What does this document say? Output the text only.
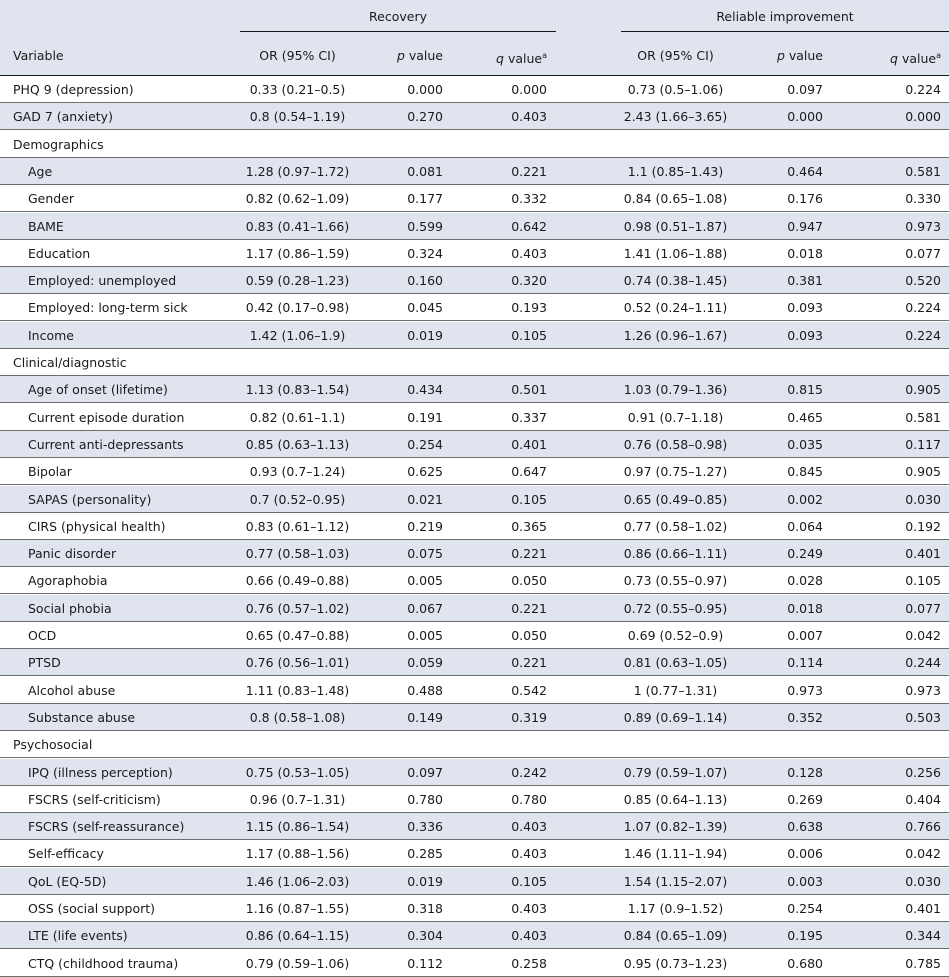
Recovery	Reliable improvement
Variable	OR (95% CI)	p value	q value$^a$	OR (95% CI)	p value	q value$^a$
PHQ 9 (depression)	0.33 (0.21–0.5)	0.000	0.000	0.73 (0.5–1.06)	0.097	0.224
GAD 7 (anxiety)	0.8 (0.54–1.19)	0.270	0.403	2.43 (1.66–3.65)	0.000	0.000
Demographics
Age	1.28 (0.97–1.72)	0.081	0.221	1.1 (0.85–1.43)	0.464	0.581
Gender	0.82 (0.62–1.09)	0.177	0.332	0.84 (0.65–1.08)	0.176	0.330
BAME	0.83 (0.41–1.66)	0.599	0.642	0.98 (0.51–1.87)	0.947	0.973
Education	1.17 (0.86–1.59)	0.324	0.403	1.41 (1.06–1.88)	0.018	0.077
Employed: unemployed	0.59 (0.28–1.23)	0.160	0.320	0.74 (0.38–1.45)	0.381	0.520
Employed: long-term sick	0.42 (0.17–0.98)	0.045	0.193	0.52 (0.24–1.11)	0.093	0.224
Income	1.42 (1.06–1.9)	0.019	0.105	1.26 (0.96–1.67)	0.093	0.224
Clinical/diagnostic
Age of onset (lifetime)	1.13 (0.83–1.54)	0.434	0.501	1.03 (0.79–1.36)	0.815	0.905
Current episode duration	0.82 (0.61–1.1)	0.191	0.337	0.91 (0.7–1.18)	0.465	0.581
Current anti-depressants	0.85 (0.63–1.13)	0.254	0.401	0.76 (0.58–0.98)	0.035	0.117
Bipolar	0.93 (0.7–1.24)	0.625	0.647	0.97 (0.75–1.27)	0.845	0.905
SAPAS (personality)	0.7 (0.52–0.95)	0.021	0.105	0.65 (0.49–0.85)	0.002	0.030
CIRS (physical health)	0.83 (0.61–1.12)	0.219	0.365	0.77 (0.58–1.02)	0.064	0.192
Panic disorder	0.77 (0.58–1.03)	0.075	0.221	0.86 (0.66–1.11)	0.249	0.401
Agoraphobia	0.66 (0.49–0.88)	0.005	0.050	0.73 (0.55–0.97)	0.028	0.105
Social phobia	0.76 (0.57–1.02)	0.067	0.221	0.72 (0.55–0.95)	0.018	0.077
OCD	0.65 (0.47–0.88)	0.005	0.050	0.69 (0.52–0.9)	0.007	0.042
PTSD	0.76 (0.56–1.01)	0.059	0.221	0.81 (0.63–1.05)	0.114	0.244
Alcohol abuse	1.11 (0.83–1.48)	0.488	0.542	1 (0.77–1.31)	0.973	0.973
Substance abuse	0.8 (0.58–1.08)	0.149	0.319	0.89 (0.69–1.14)	0.352	0.503
Psychosocial
IPQ (illness perception)	0.75 (0.53–1.05)	0.097	0.242	0.79 (0.59–1.07)	0.128	0.256
FSCRS (self-criticism)	0.96 (0.7–1.31)	0.780	0.780	0.85 (0.64–1.13)	0.269	0.404
FSCRS (self-reassurance)	1.15 (0.86–1.54)	0.336	0.403	1.07 (0.82–1.39)	0.638	0.766
Self-efficacy	1.17 (0.88–1.56)	0.285	0.403	1.46 (1.11–1.94)	0.006	0.042
QoL (EQ-5D)	1.46 (1.06–2.03)	0.019	0.105	1.54 (1.15–2.07)	0.003	0.030
OSS (social support)	1.16 (0.87–1.55)	0.318	0.403	1.17 (0.9–1.52)	0.254	0.401
LTE (life events)	0.86 (0.64–1.15)	0.304	0.403	0.84 (0.65–1.09)	0.195	0.344
CTQ (childhood trauma)	0.79 (0.59–1.06)	0.112	0.258	0.95 (0.73–1.23)	0.680	0.785
